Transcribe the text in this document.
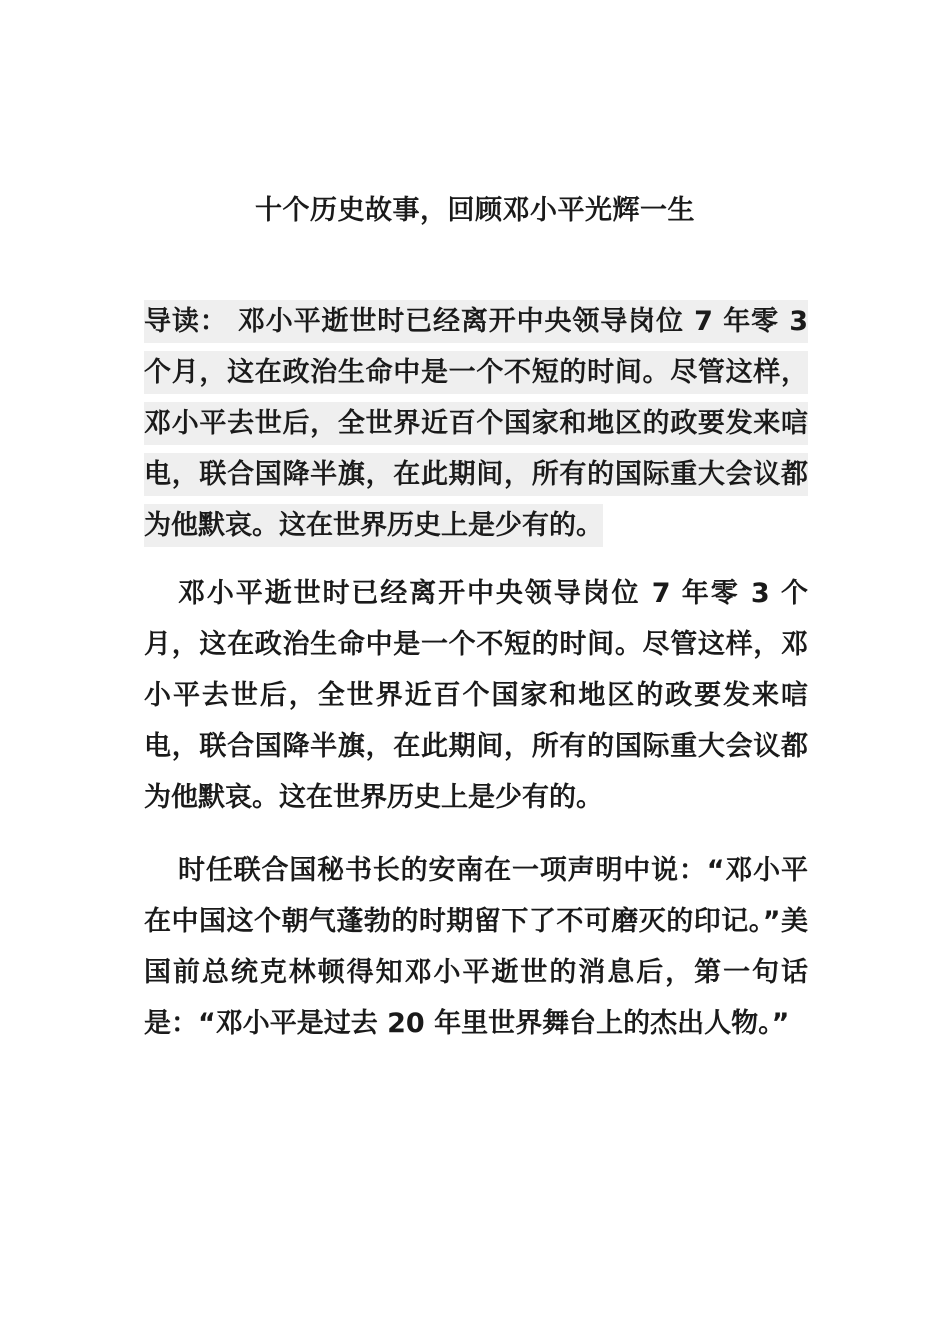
十个历史故事，回顾邓小平光辉一生

导读： 邓小平逝世时已经离开中央领导岗位 7 年零 3 个月，这在政治生命中是一个不短的时间。尽管这样，邓小平去世后，全世界近百个国家和地区的政要发来唁电，联合国降半旗，在此期间，所有的国际重大会议都为他默哀。这在世界历史上是少有的。

邓小平逝世时已经离开中央领导岗位 7 年零 3 个月，这在政治生命中是一个不短的时间。尽管这样，邓小平去世后，全世界近百个国家和地区的政要发来唁电，联合国降半旗，在此期间，所有的国际重大会议都为他默哀。这在世界历史上是少有的。

时任联合国秘书长的安南在一项声明中说：“邓小平在中国这个朝气蓬勃的时期留下了不可磨灭的印记。”美国前总统克林顿得知邓小平逝世的消息后，第一句话是：“邓小平是过去 20 年里世界舞台上的杰出人物。”
